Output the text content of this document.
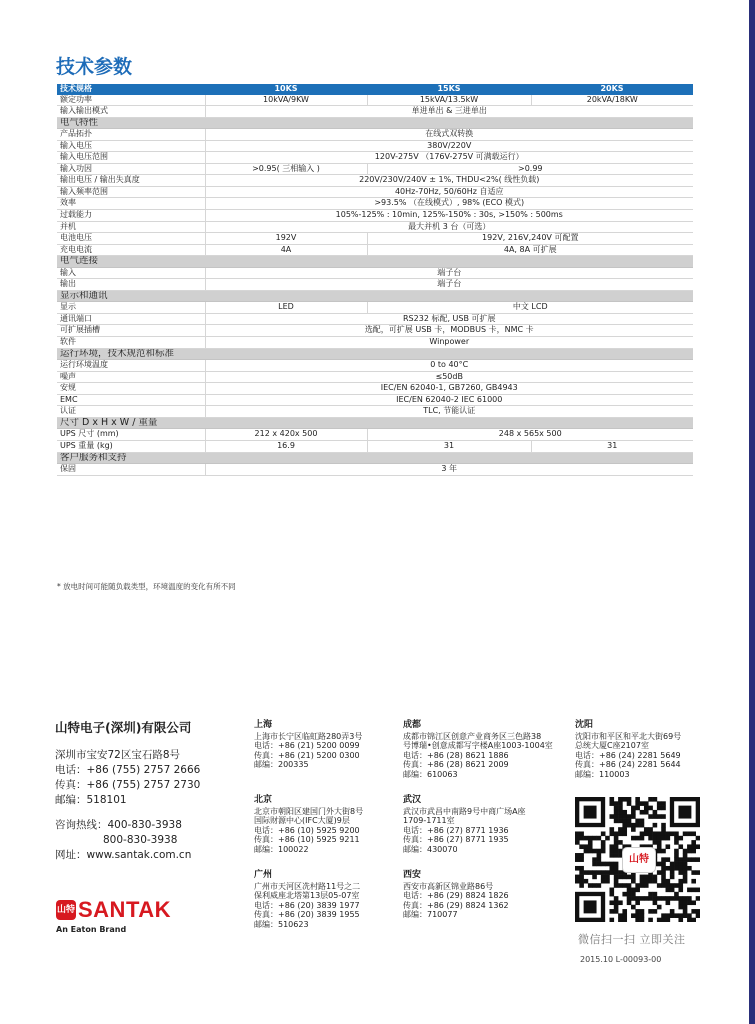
技术参数
技术规格	10KS	15KS	20KS
额定功率	10kVA/9KW	15kVA/13.5kW	20kVA/18KW
输入输出模式	单进单出 & 三进单出		
电气特性			
产品拓扑	在线式双转换		
输入电压	380V/220V		
输入电压范围	120V-275V （176V-275V 可满载运行）		
输入功因	>0.95( 三相输入 )	>0.99	
输出电压 / 输出失真度	220V/230V/240V ± 1%, THDU<2%( 线性负载)		
输入频率范围	40Hz-70Hz, 50/60Hz 自适应		
效率	>93.5% （在线模式）, 98% (ECO 模式)		
过载能力	105%-125% : 10min, 125%-150% : 30s, >150% : 500ms		
并机	最大并机 3 台（可选）		
电池电压	192V	192V, 216V,240V 可配置	
充电电流	4A	4A, 8A 可扩展	
电气连接			
输入	端子台		
输出	端子台		
显示和通讯			
显示	LED	中文 LCD	
通讯端口	RS232 标配, USB 可扩展		
可扩展插槽	选配，可扩展 USB 卡，MODBUS 卡，NMC 卡		
软件	Winpower		
运行环境，技术规范和标准			
运行环境温度	0 to 40°C		
噪声	≤50dB		
安规	IEC/EN 62040-1, GB7260, GB4943		
EMC	IEC/EN 62040-2 IEC 61000		
认证	TLC, 节能认证		
尺寸 D x H x W / 重量			
UPS 尺寸 (mm)	212 x 420x 500	248 x 565x 500	
UPS 重量 (kg)	16.9	31	31
客户服务和支持			
保固	3 年		
* 放电时间可能随负载类型，环境温度的变化有所不同
山特电子(深圳)有限公司
深圳市宝安72区宝石路8号
电话：+86 (755) 2757 2666
传真：+86 (755) 2757 2730
邮编：518101
咨询热线：400-830-3938
800-830-3938
网址：www.santak.com.cn
山特 SANTAK
An Eaton Brand
上海
上海市长宁区临虹路280弄3号
电话：+86 (21) 5200 0099
传真：+86 (21) 5200 0300
邮编：200335
北京
北京市朝阳区建国门外大街8号
国际财源中心(IFC大厦)9层
电话：+86 (10) 5925 9200
传真：+86 (10) 5925 9211
邮编：100022
广州
广州市天河区冼村路11号之二
保利威座北塔第13层05-07室
电话：+86 (20) 3839 1977
传真：+86 (20) 3839 1955
邮编：510623
成都
成都市锦江区创意产业商务区三色路38
号博瑞•创意成都写字楼A座1003-1004室
电话：+86 (28) 8621 1886
传真：+86 (28) 8621 2009
邮编：610063
武汉
武汉市武昌中南路9号中商广场A座
1709-1711室
电话：+86 (27) 8771 1936
传真：+86 (27) 8771 1935
邮编：430070
西安
西安市高新区锦业路86号
电话：+86 (29) 8824 1826
传真：+86 (29) 8824 1362
邮编：710077
沈阳
沈阳市和平区和平北大街69号
总统大厦C座2107室
电话：+86 (24) 2281 5649
传真：+86 (24) 2281 5644
邮编：110003
山特
微信扫一扫 立即关注
2015.10 L-00093-00
